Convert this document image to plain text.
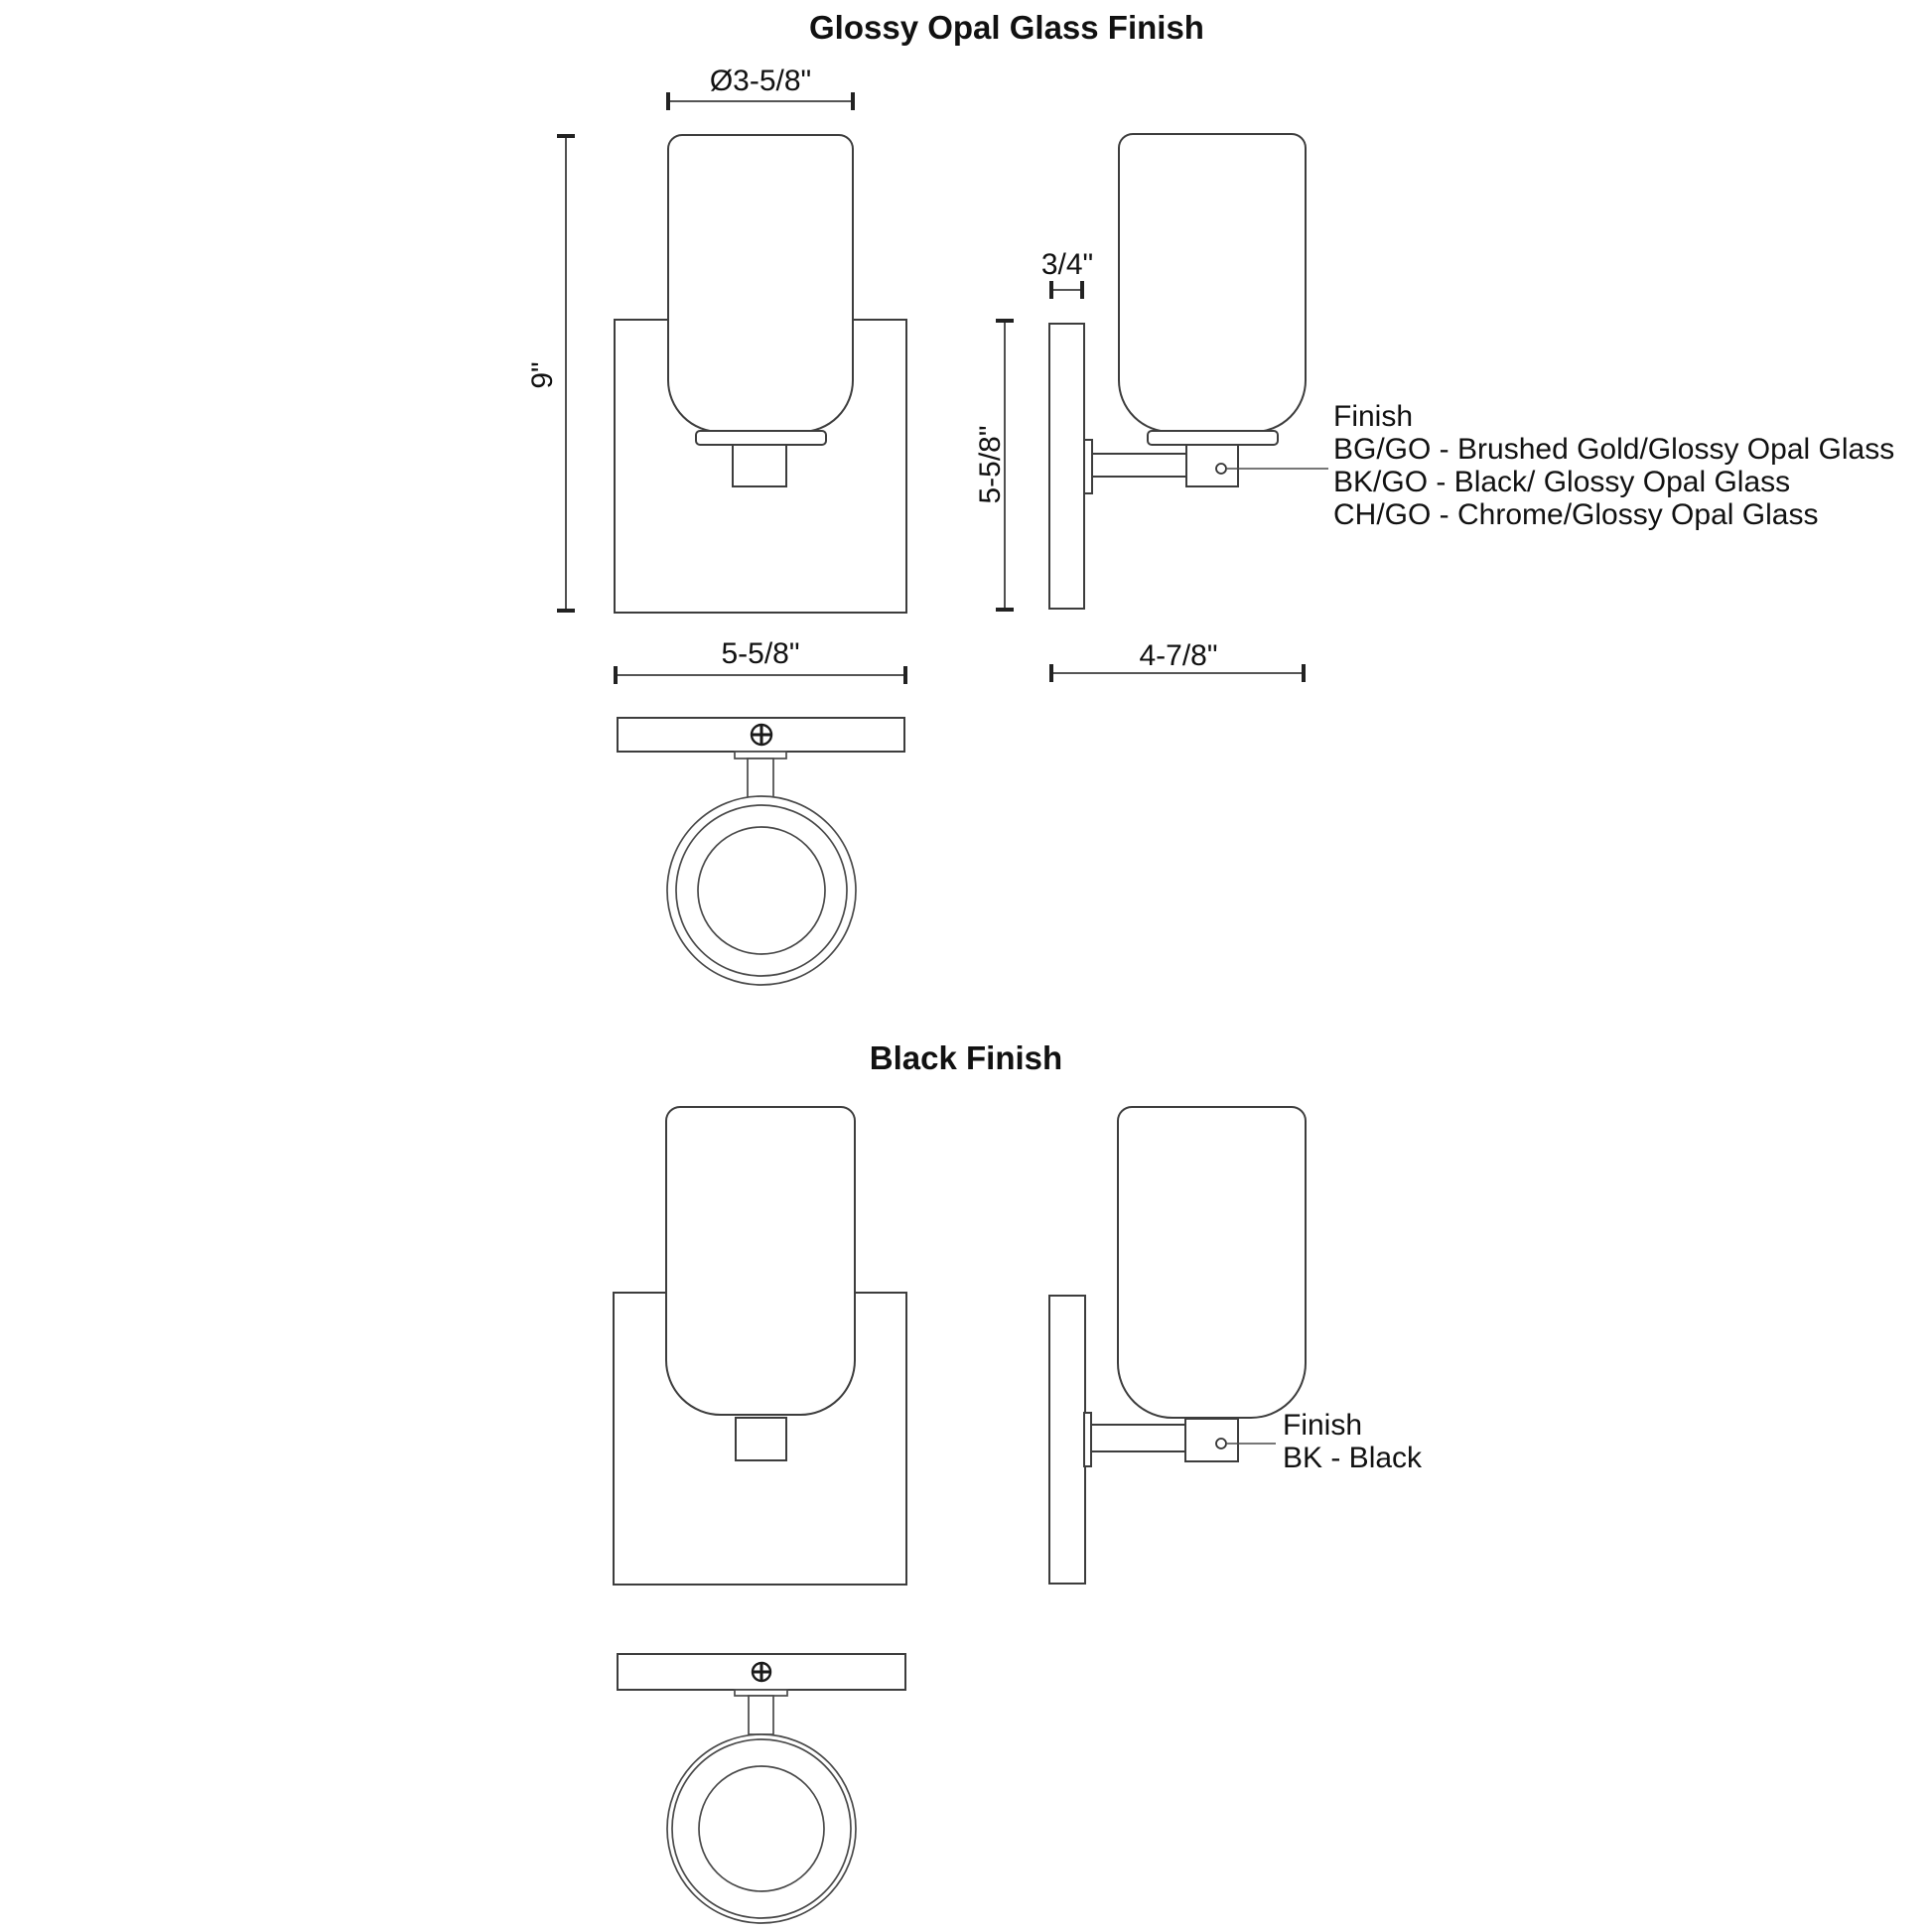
Ø3-5/8"
9"
5-5/8"
3/4"
5-5/8"
4-7/8"
Glossy Opal Glass Finish
Black Finish
Finish
BG/GO - Brushed Gold/Glossy Opal Glass
BK/GO - Black/ Glossy Opal Glass
CH/GO - Chrome/Glossy Opal Glass
Finish
BK - Black
